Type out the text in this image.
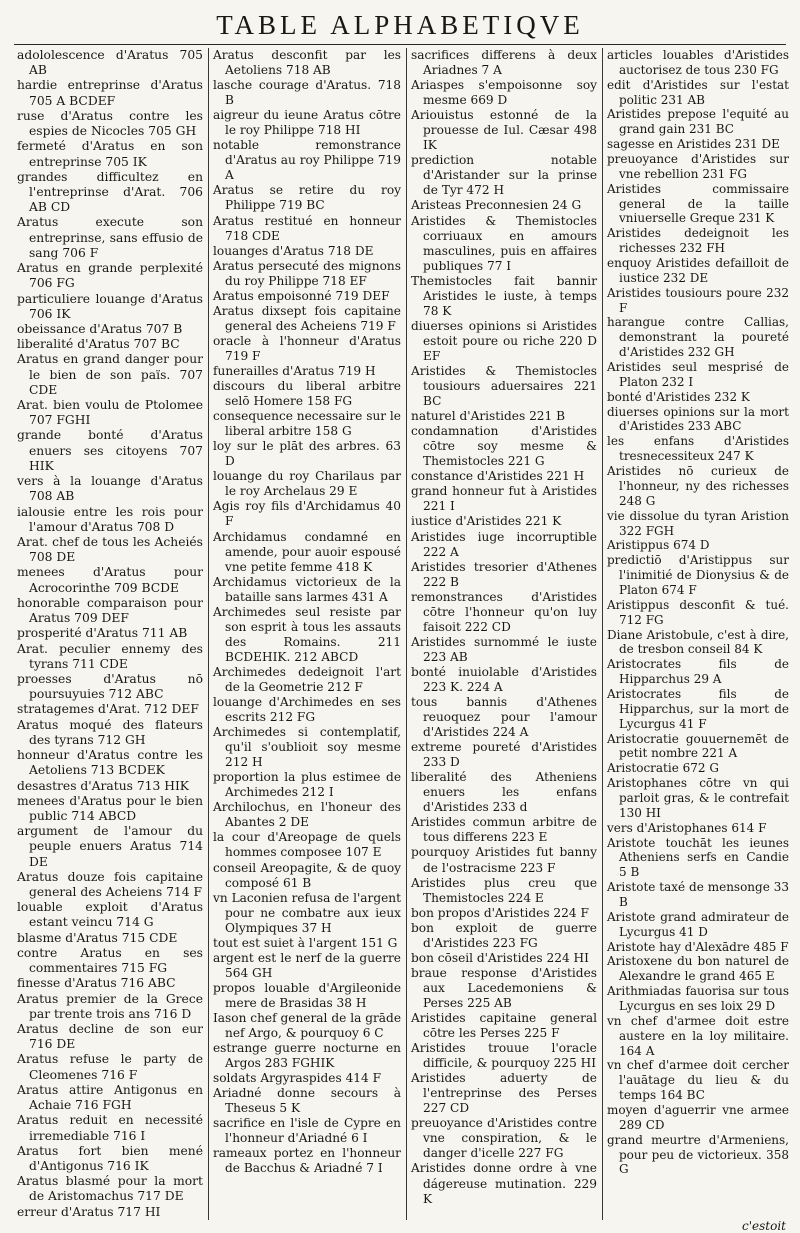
TABLE ALPHABETIQVE
adololescence d'Aratus 705 AB
hardie entreprinse d'Aratus 705 A BCDEF
ruse d'Aratus contre les espies de Nicocles 705 GH
fermeté d'Aratus en son entreprinse 705 IK
grandes difficultez en l'entreprinse d'Arat. 706 AB CD
Aratus execute son entreprinse, sans effusio de sang 706 F
Aratus en grande perplexité 706 FG
particuliere louange d'Aratus 706 IK
obeissance d'Aratus 707 B
liberalité d'Aratus 707 BC
Aratus en grand danger pour le bien de son païs. 707 CDE
Arat. bien voulu de Ptolomee 707 FGHI
grande bonté d'Aratus enuers ses citoyens 707 HIK
vers à la louange d'Aratus 708 AB
ialousie entre les rois pour l'amour d'Aratus 708 D
Arat. chef de tous les Acheiés 708 DE
menees d'Aratus pour Acrocorinthe 709 BCDE
honorable comparaison pour Aratus 709 DEF
prosperité d'Aratus 711 AB
Arat. peculier ennemy des tyrans 711 CDE
proesses d'Aratus nō poursuyuies 712 ABC
stratagemes d'Arat. 712 DEF
Aratus moqué des flateurs des tyrans 712 GH
honneur d'Aratus contre les Aetoliens 713 BCDEK
desastres d'Aratus 713 HIK
menees d'Aratus pour le bien public 714 ABCD
argument de l'amour du peuple enuers Aratus 714 DE
Aratus douze fois capitaine general des Acheiens 714 F
louable exploit d'Aratus estant veincu 714 G
blasme d'Aratus 715 CDE
contre Aratus en ses commentaires 715 FG
finesse d'Aratus 716 ABC
Aratus premier de la Grece par trente trois ans 716 D
Aratus decline de son eur 716 DE
Aratus refuse le party de Cleomenes 716 F
Aratus attire Antigonus en Achaie 716 FGH
Aratus reduit en necessité irremediable 716 I
Aratus fort bien mené d'Antigonus 716 IK
Aratus blasmé pour la mort de Aristomachus 717 DE
erreur d'Aratus 717 HI
Aratus desconfit par les Aetoliens 718 AB
lasche courage d'Aratus. 718 B
aigreur du ieune Aratus cōtre le roy Philippe 718 HI
notable remonstrance d'Aratus au roy Philippe 719 A
Aratus se retire du roy Philippe 719 BC
Aratus restitué en honneur 718 CDE
louanges d'Aratus 718 DE
Aratus persecuté des mignons du roy Philippe 718 EF
Aratus empoisonné 719 DEF
Aratus dixsept fois capitaine general des Acheiens 719 F
oracle à l'honneur d'Aratus 719 F
funerailles d'Aratus 719 H
discours du liberal arbitre selō Homere 158 FG
consequence necessaire sur le liberal arbitre 158 G
loy sur le plāt des arbres. 63 D
louange du roy Charilaus par le roy Archelaus 29 E
Agis roy fils d'Archidamus 40 F
Archidamus condamné en amende, pour auoir espousé vne petite femme 418 K
Archidamus victorieux de la bataille sans larmes 431 A
Archimedes seul resiste par son esprit à tous les assauts des Romains. 211 BCDEHIK. 212 ABCD
Archimedes dedeignoit l'art de la Geometrie 212 F
louange d'Archimedes en ses escrits 212 FG
Archimedes si contemplatif, qu'il s'oublioit soy mesme 212 H
proportion la plus estimee de Archimedes 212 I
Archilochus, en l'honeur des Abantes 2 DE
la cour d'Areopage de quels hommes composee 107 E
conseil Areopagite, & de quoy composé 61 B
vn Laconien refusa de l'argent pour ne combatre aux ieux Olympiques 37 H
tout est suiet à l'argent 151 G
argent est le nerf de la guerre 564 GH
propos louable d'Argileonide mere de Brasidas 38 H
Iason chef general de la grāde nef Argo, & pourquoy 6 C
estrange guerre nocturne en Argos 283 FGHIK
soldats Argyraspides 414 F
Ariadné donne secours à Theseus 5 K
sacrifice en l'isle de Cypre en l'honneur d'Ariadné 6 I
rameaux portez en l'honneur de Bacchus & Ariadné 7 I
sacrifices differens à deux Ariadnes 7 A
Ariaspes s'empoisonne soy mesme 669 D
Ariouistus estonné de la prouesse de Iul. Cæsar 498 IK
prediction notable d'Aristander sur la prinse de Tyr 472 H
Aristeas Preconnesien 24 G
Aristides & Themistocles corriuaux en amours masculines, puis en affaires publiques 77 I
Themistocles fait bannir Aristides le iuste, à temps 78 K
diuerses opinions si Aristides estoit poure ou riche 220 D EF
Aristides & Themistocles tousiours aduersaires 221 BC
naturel d'Aristides 221 B
condamnation d'Aristides cōtre soy mesme & Themistocles 221 G
constance d'Aristides 221 H
grand honneur fut à Aristides 221 I
iustice d'Aristides 221 K
Aristides iuge incorruptible 222 A
Aristides tresorier d'Athenes 222 B
remonstrances d'Aristides cōtre l'honneur qu'on luy faisoit 222 CD
Aristides surnommé le iuste 223 AB
bonté inuiolable d'Aristides 223 K. 224 A
tous bannis d'Athenes reuoquez pour l'amour d'Aristides 224 A
extreme poureté d'Aristides 233 D
liberalité des Atheniens enuers les enfans d'Aristides 233 d
Aristides commun arbitre de tous differens 223 E
pourquoy Aristides fut banny de l'ostracisme 223 F
Aristides plus creu que Themistocles 224 E
bon propos d'Aristides 224 F
bon exploit de guerre d'Aristides 223 FG
bon cōseil d'Aristides 224 HI
braue response d'Aristides aux Lacedemoniens & Perses 225 AB
Aristides capitaine general cōtre les Perses 225 F
Aristides trouue l'oracle difficile, & pourquoy 225 HI
Aristides aduerty de l'entreprinse des Perses 227 CD
preuoyance d'Aristides contre vne conspiration, & le danger d'icelle 227 FG
Aristides donne ordre à vne dágereuse mutination. 229 K
articles louables d'Aristides auctorisez de tous 230 FG
edit d'Aristides sur l'estat politic 231 AB
Aristides prepose l'equité au grand gain 231 BC
sagesse en Aristides 231 DE
preuoyance d'Aristides sur vne rebellion 231 FG
Aristides commissaire general de la taille vniuerselle Greque 231 K
Aristides dedeignoit les richesses 232 FH
enquoy Aristides defailloit de iustice 232 DE
Aristides tousiours poure 232 F
harangue contre Callias, demonstrant la poureté d'Aristides 232 GH
Aristides seul mesprisé de Platon 232 I
bonté d'Aristides 232 K
diuerses opinions sur la mort d'Aristides 233 ABC
les enfans d'Aristides tresnecessiteux 247 K
Aristides nō curieux de l'honneur, ny des richesses 248 G
vie dissolue du tyran Aristion 322 FGH
Aristippus 674 D
predictiō d'Aristippus sur l'inimitié de Dionysius & de Platon 674 F
Aristippus desconfit & tué. 712 FG
Diane Aristobule, c'est à dire, de tresbon conseil 84 K
Aristocrates fils de Hipparchus 29 A
Aristocrates fils de Hipparchus, sur la mort de Lycurgus 41 F
Aristocratie gouuernemēt de petit nombre 221 A
Aristocratie 672 G
Aristophanes cōtre vn qui parloit gras, & le contrefait 130 HI
vers d'Aristophanes 614 F
Aristote touchāt les ieunes Atheniens serfs en Candie 5 B
Aristote taxé de mensonge 33 B
Aristote grand admirateur de Lycurgus 41 D
Aristote hay d'Alexādre 485 F
Aristoxene du bon naturel de Alexandre le grand 465 E
Arithmiadas fauorisa sur tous Lycurgus en ses loix 29 D
vn chef d'armee doit estre austere en la loy militaire. 164 A
vn chef d'armee doit cercher l'auātage du lieu & du temps 164 BC
moyen d'aguerrir vne armee 289 CD
grand meurtre d'Armeniens, pour peu de victorieux. 358 G
c'estoit
